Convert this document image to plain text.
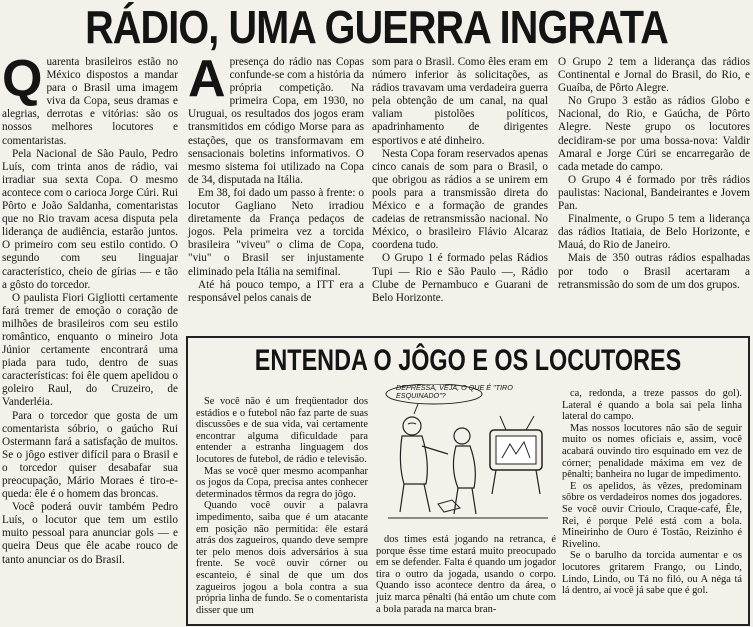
RÁDIO, UMA GUERRA INGRATA

Quarenta brasileiros estão no México dispostos a mandar para o Brasil uma imagem viva da Copa, seus dramas e alegrias, derrotas e vitórias: são os nossos melhores locutores e comentaristas.

Pela Nacional de São Paulo, Pedro Luís, com trinta anos de rádio, vai irradiar sua sexta Copa. O mesmo acontece com o carioca Jorge Cúri. Rui Pôrto e João Saldanha, comentaristas que no Rio travam acesa disputa pela liderança de audiência, estarão juntos. O primeiro com seu estilo contido. O segundo com seu linguajar característico, cheio de gírias — e tão a gôsto do torcedor.

O paulista Fiori Gigliotti certamente fará tremer de emoção o coração de milhões de brasileiros com seu estilo romântico, enquanto o mineiro Jota Júnior certamente encontrará uma piada para tudo, dentro de suas características: foi êle quem apelidou o goleiro Raul, do Cruzeiro, de Vanderléia.

Para o torcedor que gosta de um comentarista sóbrio, o gaúcho Rui Ostermann fará a satisfação de muitos. Se o jôgo estiver difícil para o Brasil e o torcedor quiser desabafar sua preocupação, Mário Moraes é tiro-e-queda: êle é o homem das broncas.

Você poderá ouvir também Pedro Luís, o locutor que tem um estilo muito pessoal para anunciar gols — e queira Deus que êle acabe rouco de tanto anunciar os do Brasil.

Apresença do rádio nas Copas confunde-se com a história da própria competição. Na primeira Copa, em 1930, no Uruguai, os resultados dos jogos eram transmitidos em código Morse para as estações, que os transformavam em sensacionais boletins informativos. O mesmo sistema foi utilizado na Copa de 34, disputada na Itália.

Em 38, foi dado um passo à frente: o locutor Gagliano Neto irradiou diretamente da França pedaços de jogos. Pela primeira vez a torcida brasileira "viveu" o clima de Copa, "viu" o Brasil ser injustamente eliminado pela Itália na semifinal.

Até há pouco tempo, a ITT era a responsável pelos canais de

som para o Brasil. Como êles eram em número inferior às solicitações, as rádios travavam uma verdadeira guerra pela obtenção de um canal, na qual valiam pistolões políticos, apadrinhamento de dirigentes esportivos e até dinheiro.

Nesta Copa foram reservados apenas cinco canais de som para o Brasil, o que obrigou as rádios a se unirem em pools para a transmissão direta do México e a formação de grandes cadeias de retransmissão nacional. No México, o brasileiro Flávio Alcaraz coordena tudo.

O Grupo 1 é formado pelas Rádios Tupi — Rio e São Paulo —, Rádio Clube de Pernambuco e Guarani de Belo Horizonte.

O Grupo 2 tem a liderança das rádios Continental e Jornal do Brasil, do Rio, e Guaíba, de Pôrto Alegre.

No Grupo 3 estão as rádios Globo e Nacional, do Rio, e Gaúcha, de Pôrto Alegre. Neste grupo os locutores decidiram-se por uma bossa-nova: Valdir Amaral e Jorge Cúri se encarregarão de cada metade do campo.

O Grupo 4 é formado por três rádios paulistas: Nacional, Bandeirantes e Jovem Pan.

Finalmente, o Grupo 5 tem a liderança das rádios Itatiaia, de Belo Horizonte, e Mauá, do Rio de Janeiro.

Mais de 350 outras rádios espalhadas por todo o Brasil acertaram a retransmissão do som de um dos grupos.

ENTENDA O JÔGO E OS LOCUTORES

Se você não é um freqüentador dos estádios e o futebol não faz parte de suas discussões e de sua vida, vai certamente encontrar alguma dificuldade para entender a estranha linguagem dos locutores de futebol, de rádio e televisão.

Mas se você quer mesmo acompanhar os jogos da Copa, precisa antes conhecer determinados têrmos da regra do jôgo.

Quando você ouvir a palavra impedimento, saiba que é um atacante em posição não permitida: êle estará atrás dos zagueiros, quando deve sempre ter pelo menos dois adversários à sua frente. Se você ouvir córner ou escanteio, é sinal de que um dos zagueiros jogou a bola contra a sua própria linha de fundo. Se o comentarista disser que um

DEPRESSA, VEJA, O QUE É "TIRO ESQUINADO"?

dos times está jogando na retranca, é porque êsse time estará muito preocupado em se defender. Falta é quando um jogador tira o outro da jogada, usando o corpo. Quando isso acontece dentro da área, o juiz marca pênalti (há então um chute com a bola parada na marca bran-

ca, redonda, a treze passos do gol). Lateral é quando a bola sai pela linha lateral do campo.

Mas nossos locutores não são de seguir muito os nomes oficiais e, assim, você acabará ouvindo tiro esquinado em vez de córner; penalidade máxima em vez de pênalti; banheira no lugar de impedimento.

E os apelidos, às vêzes, predominam sôbre os verdadeiros nomes dos jogadores. Se você ouvir Crioulo, Craque-café, Êle, Rei, é porque Pelé está com a bola. Mineirinho de Ouro é Tostão, Reizinho é Rivelino.

Se o barulho da torcida aumentar e os locutores gritarem Frango, ou Lindo, Lindo, Lindo, ou Tá no filó, ou A néga tá lá dentro, aí você já sabe que é gol.
